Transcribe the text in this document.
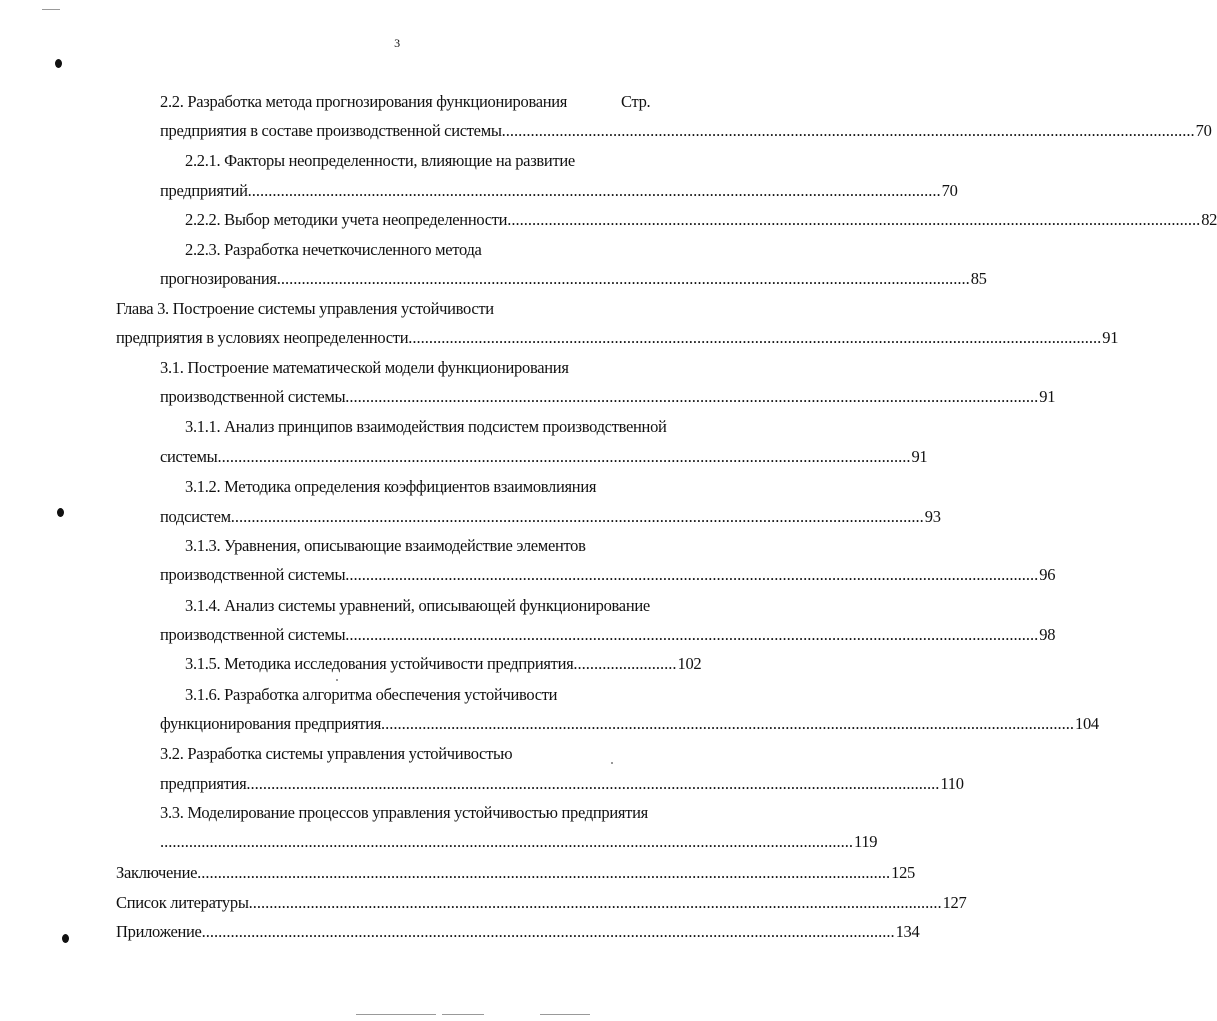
3
2.2. Разработка метода прогнозирования функционирования	Стр.
предприятия в составе производственной системы ........................................................................................................................................................................ 70
2.2.1. Факторы неопределенности, влияющие на развитие
предприятий ........................................................................................................................................................................ 70
2.2.2. Выбор методики учета неопределенности ........................................................................................................................................................................ 82
2.2.3. Разработка нечеткочисленного метода
прогнозирования ........................................................................................................................................................................ 85
Глава 3. Построение системы управления устойчивости
предприятия в условиях неопределенности ........................................................................................................................................................................ 91
3.1. Построение математической модели функционирования
производственной системы ........................................................................................................................................................................ 91
3.1.1. Анализ принципов взаимодействия подсистем производственной
системы ........................................................................................................................................................................ 91
3.1.2. Методика определения коэффициентов взаимовлияния
подсистем ........................................................................................................................................................................ 93
3.1.3. Уравнения, описывающие взаимодействие элементов
производственной системы ........................................................................................................................................................................ 96
3.1.4. Анализ системы уравнений, описывающей функционирование
производственной системы ........................................................................................................................................................................ 98
3.1.5. Методика исследования устойчивости предприятия ......................... 102
3.1.6. Разработка алгоритма обеспечения устойчивости
функционирования предприятия ........................................................................................................................................................................ 104
3.2. Разработка системы управления устойчивостью
предприятия ........................................................................................................................................................................ 110
3.3. Моделирование процессов управления устойчивостью предприятия
........................................................................................................................................................................ 119
Заключение ........................................................................................................................................................................ 125
Список литературы ........................................................................................................................................................................ 127
Приложение ........................................................................................................................................................................ 134
